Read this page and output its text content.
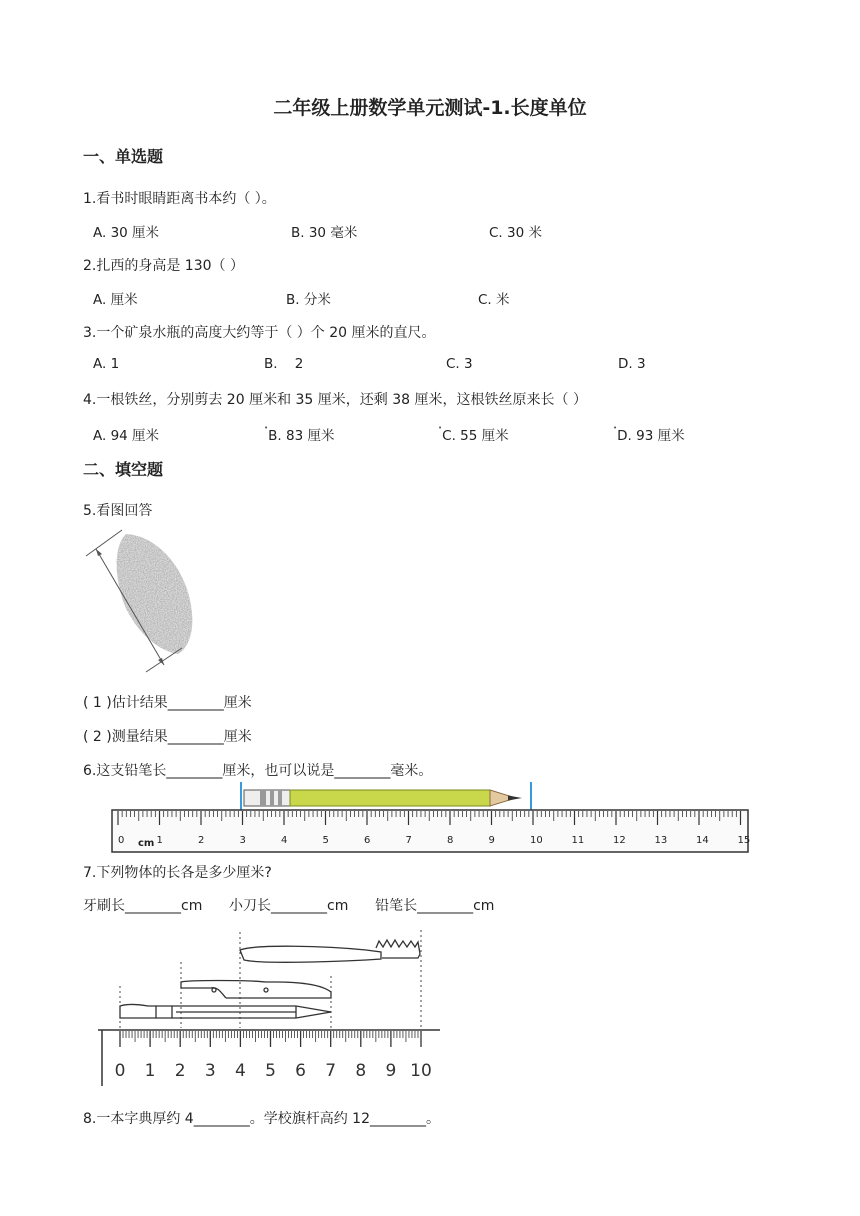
二年级上册数学单元测试-1.长度单位
一、单选题
1.看书时眼睛距离书本约（ ）。
A. 30 厘米	B. 30 毫米	C. 30 米
2.扎西的身高是 130（ ）
A. 厘米	B. 分米	C. 米
3.一个矿泉水瓶的高度大约等于（ ）个 20 厘米的直尺。
A. 1	B.    2	C. 3	D. 3
4.一根铁丝，分别剪去 20 厘米和 35 厘米，还剩 38 厘米，这根铁丝原来长（ ）
A. 94 厘米	•B. 83 厘米	•C. 55 厘米	•D. 93 厘米
二、填空题
5.看图回答
( 1 )估计结果________厘米
( 2 )测量结果________厘米
6.这支铅笔长________厘米，也可以说是________毫米。
0	1	2	3	4	5	6	7	8	9	10	11	12	13	14	15
cm
7.下列物体的长各是多少厘米?
牙刷长________cm      小刀长________cm      铅笔长________cm
0 1 2 3 4 5 6 7 8 9 10
8.一本字典厚约 4________。学校旗杆高约 12________。
